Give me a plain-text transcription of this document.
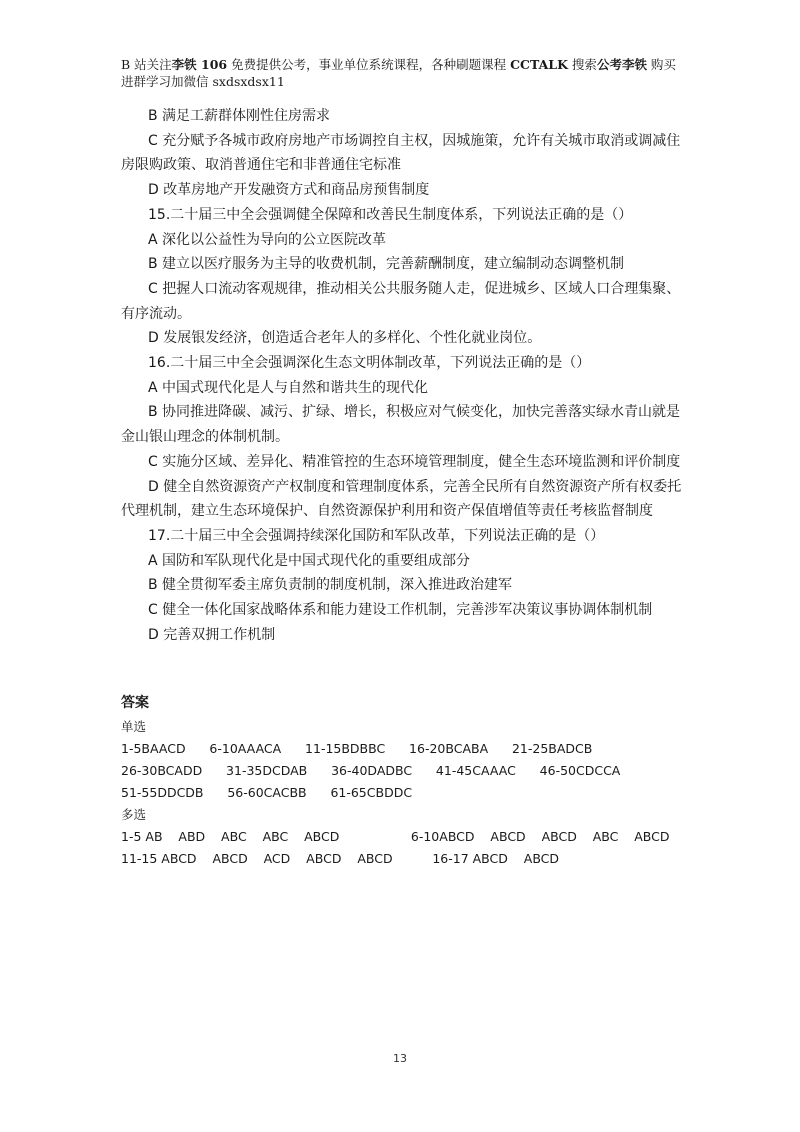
B 站关注李铁 106 免费提供公考，事业单位系统课程，各种刷题课程 CCTALK 搜索公考李铁 购买
进群学习加微信 sxdsxdsx11

B 满足工薪群体刚性住房需求

C 充分赋予各城市政府房地产市场调控自主权，因城施策，允许有关城市取消或调减住房限购政策、取消普通住宅和非普通住宅标准

D 改革房地产开发融资方式和商品房预售制度

15.二十届三中全会强调健全保障和改善民生制度体系，下列说法正确的是（）

A 深化以公益性为导向的公立医院改革

B 建立以医疗服务为主导的收费机制，完善薪酬制度，建立编制动态调整机制

C 把握人口流动客观规律，推动相关公共服务随人走，促进城乡、区域人口合理集聚、有序流动。

D 发展银发经济，创造适合老年人的多样化、个性化就业岗位。

16.二十届三中全会强调深化生态文明体制改革，下列说法正确的是（）

A 中国式现代化是人与自然和谐共生的现代化

B 协同推进降碳、减污、扩绿、增长，积极应对气候变化，加快完善落实绿水青山就是金山银山理念的体制机制。

C 实施分区域、差异化、精准管控的生态环境管理制度，健全生态环境监测和评价制度

D 健全自然资源资产产权制度和管理制度体系，完善全民所有自然资源资产所有权委托代理机制，建立生态环境保护、自然资源保护利用和资产保值增值等责任考核监督制度

17.二十届三中全会强调持续深化国防和军队改革，下列说法正确的是（）

A 国防和军队现代化是中国式现代化的重要组成部分

B 健全贯彻军委主席负责制的制度机制，深入推进政治建军

C 健全一体化国家战略体系和能力建设工作机制，完善涉军决策议事协调体制机制

D 完善双拥工作机制

答案
单选
1-5BAACD      6-10AAACA      11-15BDBBC      16-20BCABA      21-25BADCB
26-30BCADD      31-35DCDAB      36-40DADBC      41-45CAAAC      46-50CDCCA
51-55DDCDB      56-60CACBB      61-65CBDDC
多选
1-5 AB    ABD    ABC    ABC    ABCD                  6-10ABCD    ABCD    ABCD    ABC    ABCD
11-15 ABCD    ABCD    ACD    ABCD    ABCD          16-17 ABCD    ABCD
13
